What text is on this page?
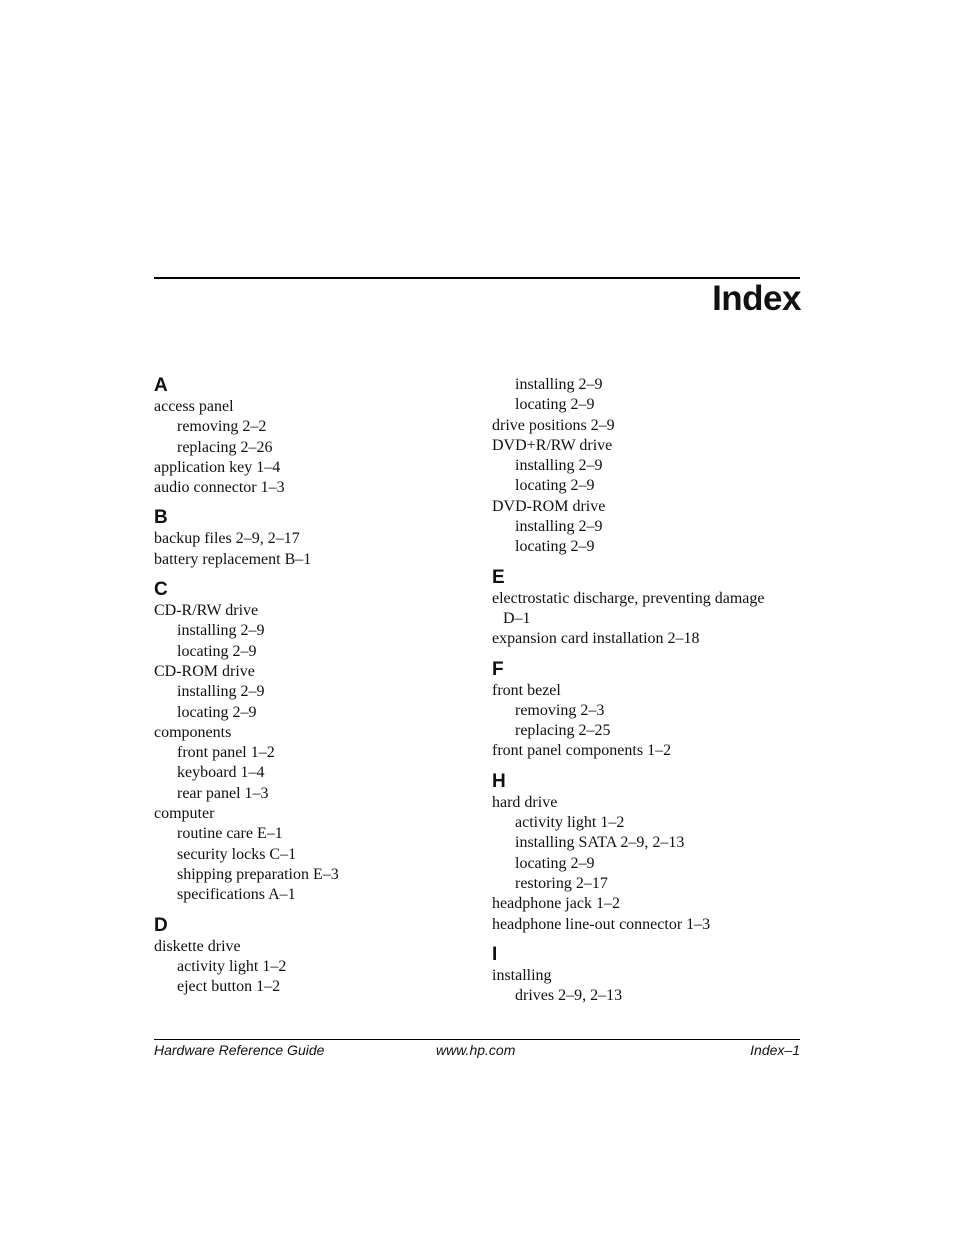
Index
A
access panel
removing 2–2
replacing 2–26
application key 1–4
audio connector 1–3
B
backup files 2–9, 2–17
battery replacement B–1
C
CD-R/RW drive
installing 2–9
locating 2–9
CD-ROM drive
installing 2–9
locating 2–9
components
front panel 1–2
keyboard 1–4
rear panel 1–3
computer
routine care E–1
security locks C–1
shipping preparation E–3
specifications A–1
D
diskette drive
activity light 1–2
eject button 1–2
installing 2–9
locating 2–9
drive positions 2–9
DVD+R/RW drive
installing 2–9
locating 2–9
DVD-ROM drive
installing 2–9
locating 2–9
E
electrostatic discharge, preventing damage
D–1
expansion card installation 2–18
F
front bezel
removing 2–3
replacing 2–25
front panel components 1–2
H
hard drive
activity light 1–2
installing SATA 2–9, 2–13
locating 2–9
restoring 2–17
headphone jack 1–2
headphone line-out connector 1–3
I
installing
drives 2–9, 2–13
Hardware Reference Guide	www.hp.com	Index–1
